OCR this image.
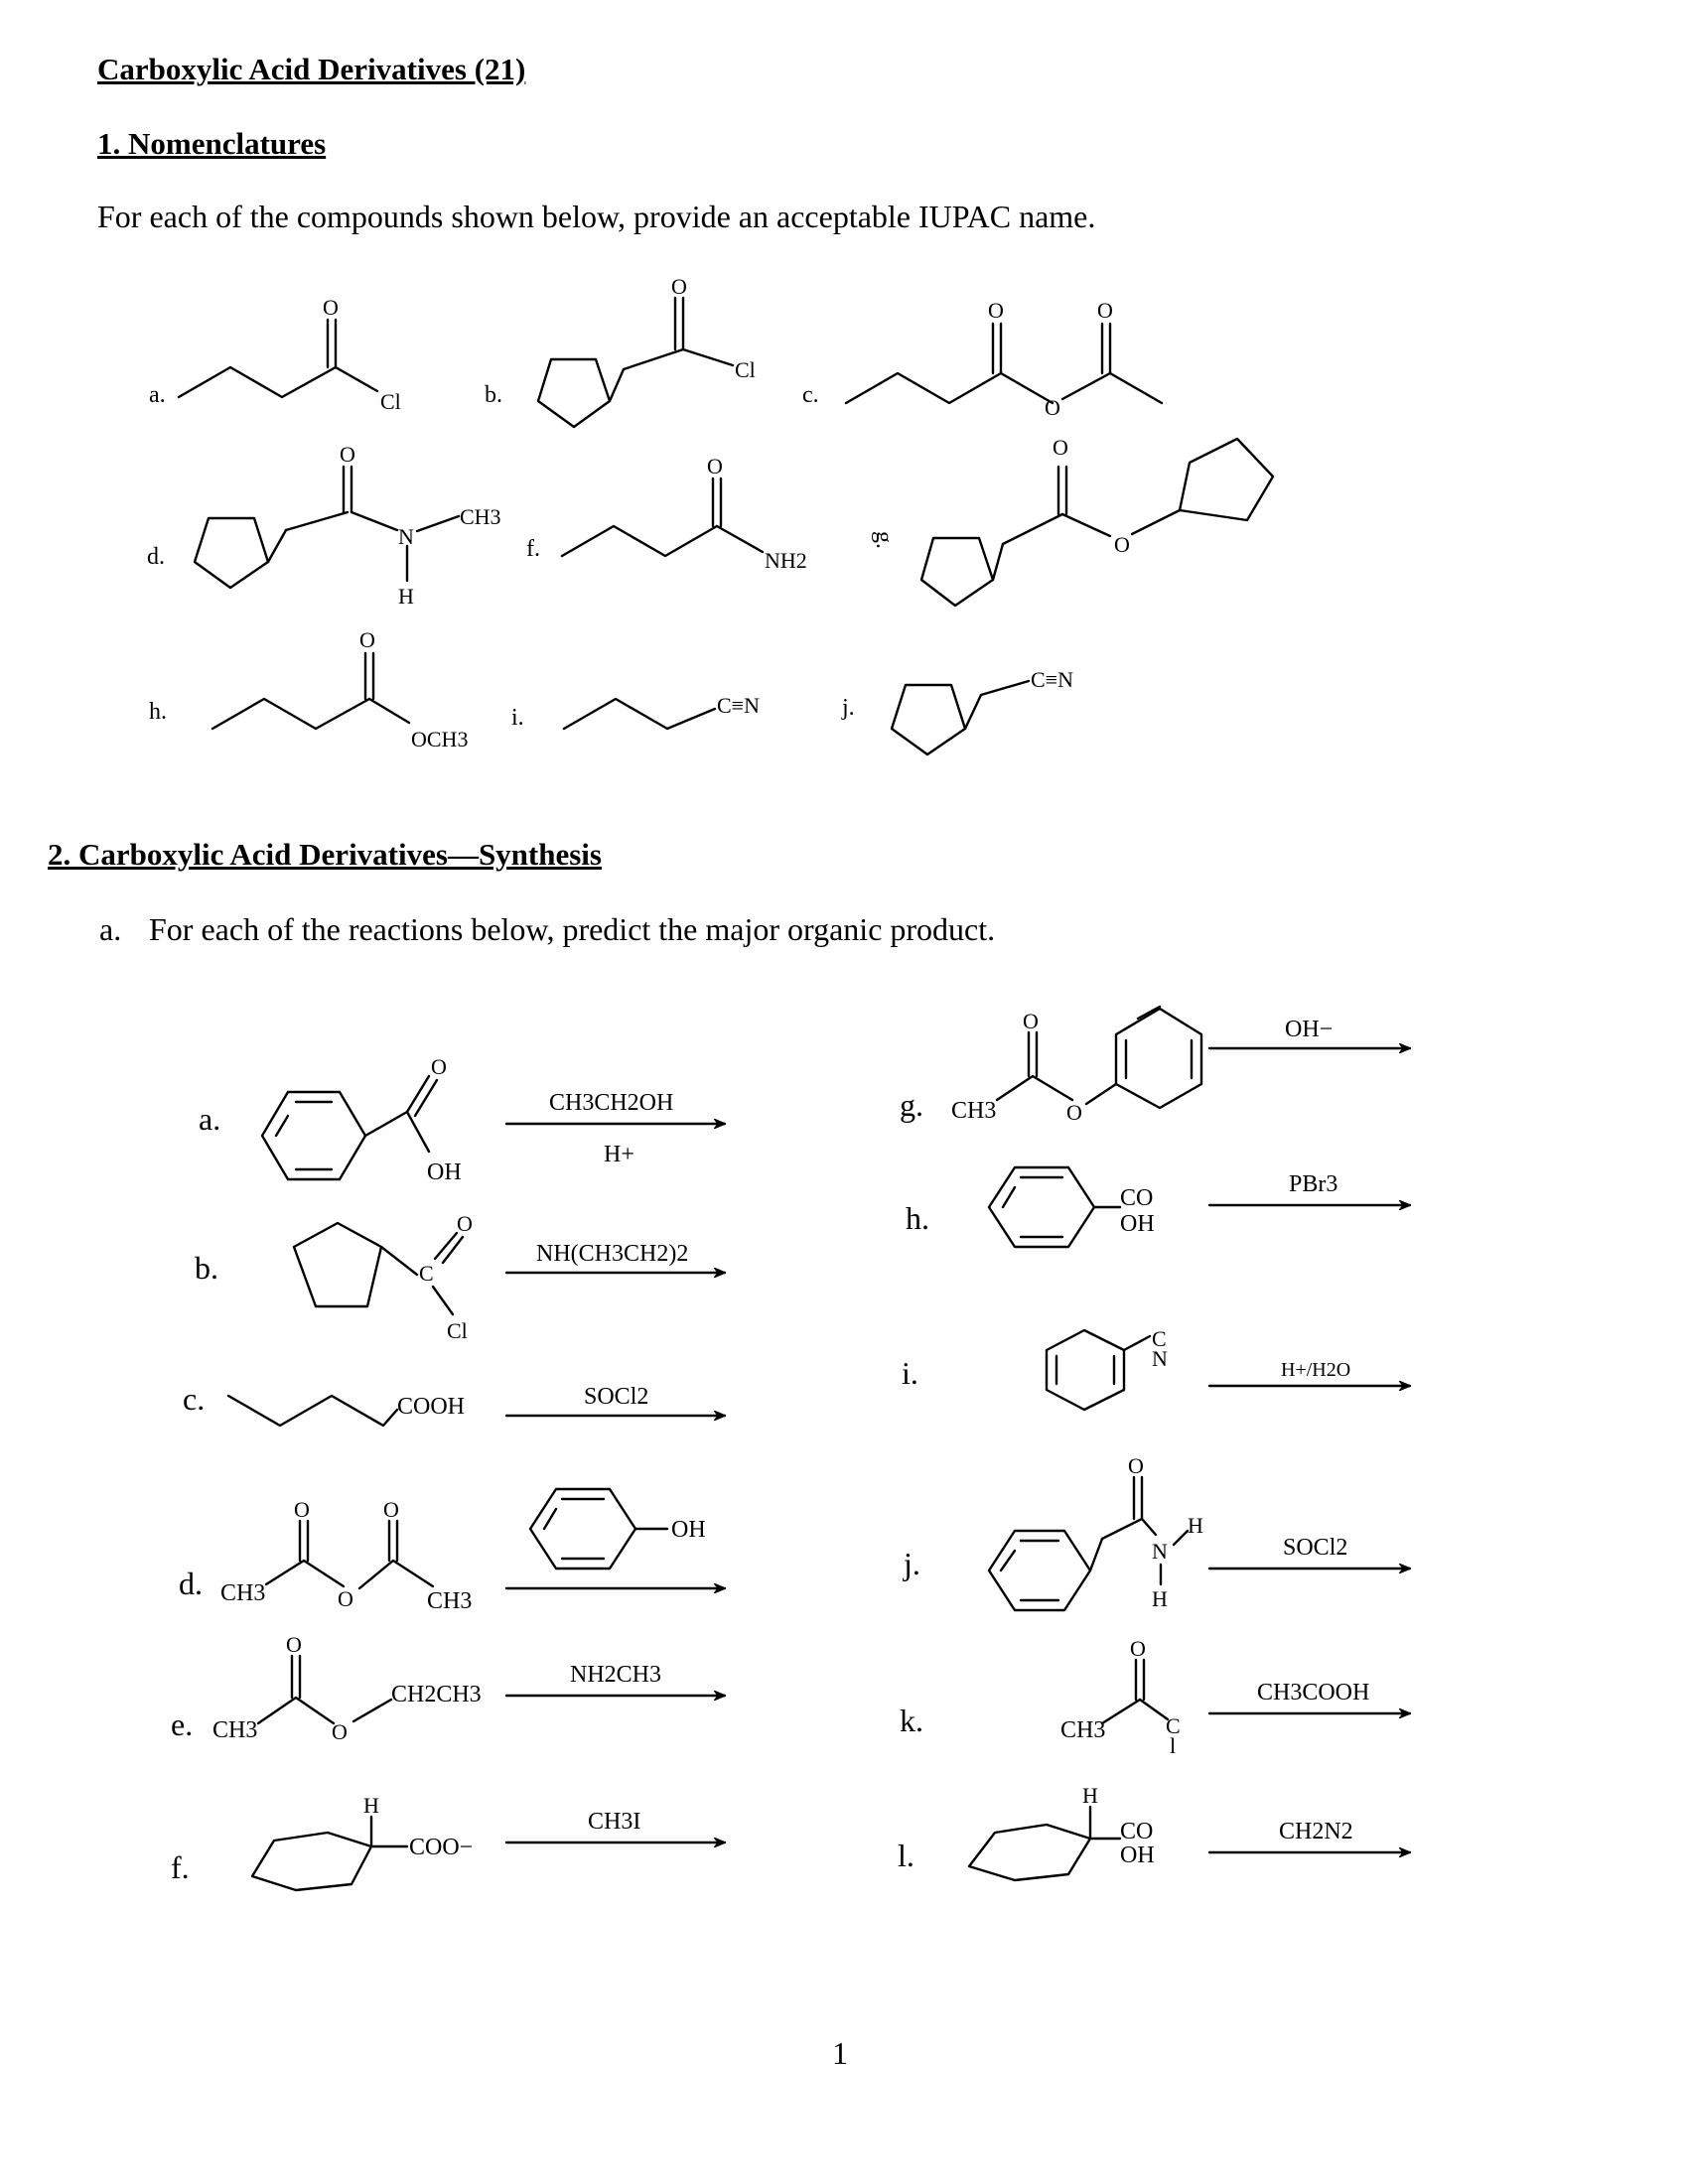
Carboxylic Acid Derivatives (21)
1. Nomenclatures
For each of the compounds shown below, provide an acceptable IUPAC name.
2. Carboxylic Acid Derivatives—Synthesis
a. For each of the reactions below, predict the major organic product.
1
a.
O
Cl	b.
O
Cl
c.
O
O
O
d.
O
N
CH3
H
f.
O
NH2
g.
O
O
h.
O
OCH3
i.	C≡N	j.
C≡N
a.
O
OH
CH3CH2OH
H+
b.	C
O
Cl
NH(CH3CH2)2
c.	COOH	SOCl2
d. CH3
O
O
O
CH3
OH
e. CH3
O
O
CH2CH3
NH2CH3
f.
H
COO−
CH3I
g. CH3
O
O
OH−
h.
CO
OH
PBr3
i.
C
N	H+/H2O
j.
O
N
H
H
SOCl2
k.	CH3
O
C
l
CH3COOH
l.
H
CO
OH
CH2N2
